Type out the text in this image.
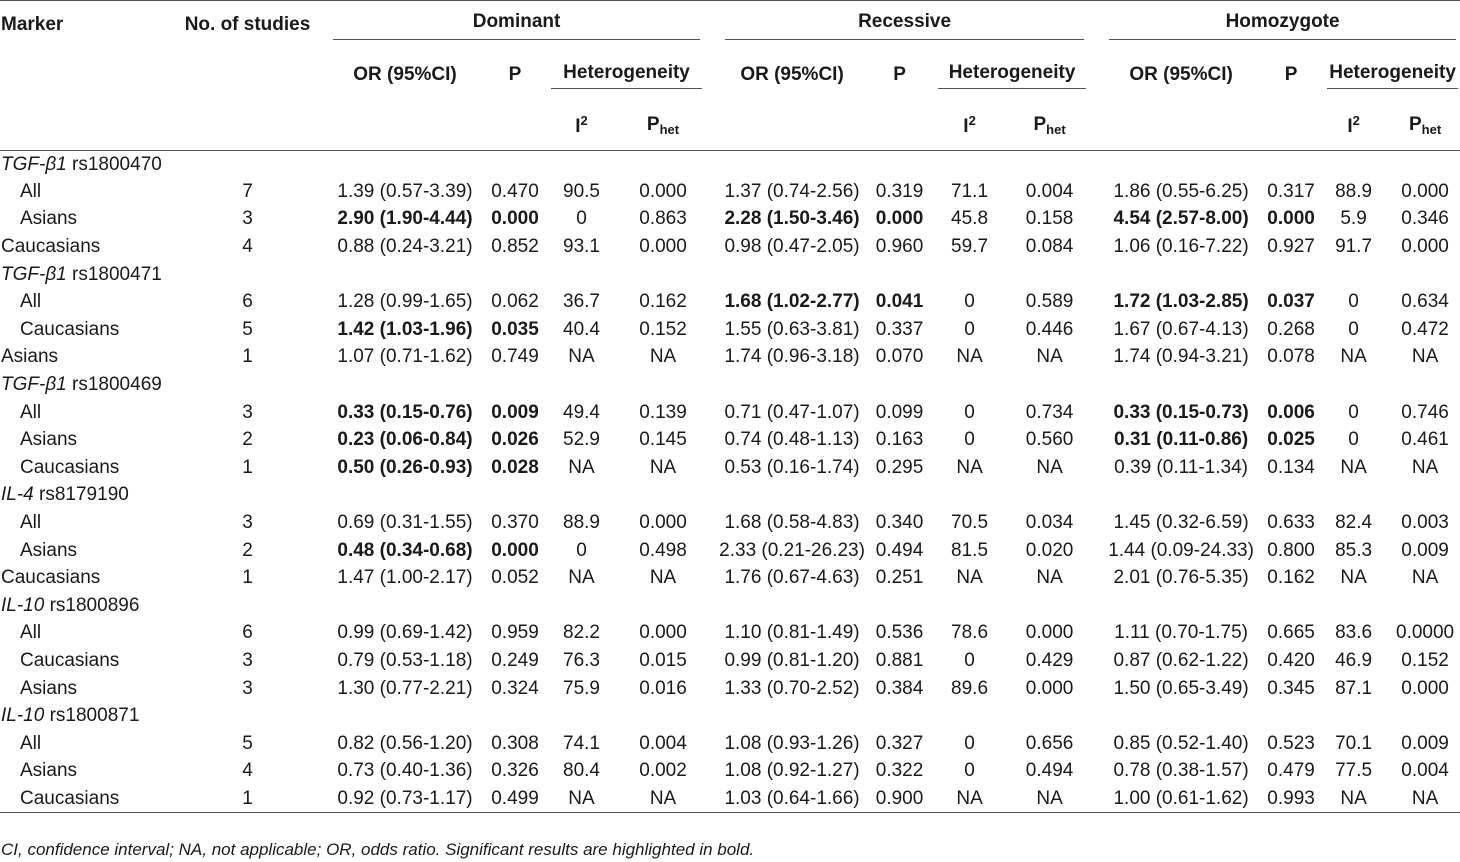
Marker	No. of studies	Dominant					Recessive					Homozygote			

		OR (95%CI)	P	Heterogeneity			OR (95%CI)	P	Heterogeneity			OR (95%CI)	P	Heterogeneity	

				$I^2$	$P_{het}$				$I^2$	$P_{het}$				$I^2$	$P_{het}$
TGF-β1 rs1800470															
All	7	1.39 (0.57-3.39)	0.470	90.5	0.000		1.37 (0.74-2.56)	0.319	71.1	0.004		1.86 (0.55-6.25)	0.317	88.9	0.000
Asians	3	2.90 (1.90-4.44)	0.000	0	0.863		2.28 (1.50-3.46)	0.000	45.8	0.158		4.54 (2.57-8.00)	0.000	5.9	0.346
Caucasians	4	0.88 (0.24-3.21)	0.852	93.1	0.000		0.98 (0.47-2.05)	0.960	59.7	0.084		1.06 (0.16-7.22)	0.927	91.7	0.000
TGF-β1 rs1800471															
All	6	1.28 (0.99-1.65)	0.062	36.7	0.162		1.68 (1.02-2.77)	0.041	0	0.589		1.72 (1.03-2.85)	0.037	0	0.634
Caucasians	5	1.42 (1.03-1.96)	0.035	40.4	0.152		1.55 (0.63-3.81)	0.337	0	0.446		1.67 (0.67-4.13)	0.268	0	0.472
Asians	1	1.07 (0.71-1.62)	0.749	NA	NA		1.74 (0.96-3.18)	0.070	NA	NA		1.74 (0.94-3.21)	0.078	NA	NA
TGF-β1 rs1800469															
All	3	0.33 (0.15-0.76)	0.009	49.4	0.139		0.71 (0.47-1.07)	0.099	0	0.734		0.33 (0.15-0.73)	0.006	0	0.746
Asians	2	0.23 (0.06-0.84)	0.026	52.9	0.145		0.74 (0.48-1.13)	0.163	0	0.560		0.31 (0.11-0.86)	0.025	0	0.461
Caucasians	1	0.50 (0.26-0.93)	0.028	NA	NA		0.53 (0.16-1.74)	0.295	NA	NA		0.39 (0.11-1.34)	0.134	NA	NA
IL-4 rs8179190															
All	3	0.69 (0.31-1.55)	0.370	88.9	0.000		1.68 (0.58-4.83)	0.340	70.5	0.034		1.45 (0.32-6.59)	0.633	82.4	0.003
Asians	2	0.48 (0.34-0.68)	0.000	0	0.498		2.33 (0.21-26.23)	0.494	81.5	0.020		1.44 (0.09-24.33)	0.800	85.3	0.009
Caucasians	1	1.47 (1.00-2.17)	0.052	NA	NA		1.76 (0.67-4.63)	0.251	NA	NA		2.01 (0.76-5.35)	0.162	NA	NA
IL-10 rs1800896															
All	6	0.99 (0.69-1.42)	0.959	82.2	0.000		1.10 (0.81-1.49)	0.536	78.6	0.000		1.11 (0.70-1.75)	0.665	83.6	0.0000
Caucasians	3	0.79 (0.53-1.18)	0.249	76.3	0.015		0.99 (0.81-1.20)	0.881	0	0.429		0.87 (0.62-1.22)	0.420	46.9	0.152
Asians	3	1.30 (0.77-2.21)	0.324	75.9	0.016		1.33 (0.70-2.52)	0.384	89.6	0.000		1.50 (0.65-3.49)	0.345	87.1	0.000
IL-10 rs1800871															
All	5	0.82 (0.56-1.20)	0.308	74.1	0.004		1.08 (0.93-1.26)	0.327	0	0.656		0.85 (0.52-1.40)	0.523	70.1	0.009
Asians	4	0.73 (0.40-1.36)	0.326	80.4	0.002		1.08 (0.92-1.27)	0.322	0	0.494		0.78 (0.38-1.57)	0.479	77.5	0.004
Caucasians	1	0.92 (0.73-1.17)	0.499	NA	NA		1.03 (0.64-1.66)	0.900	NA	NA		1.00 (0.61-1.62)	0.993	NA	NA
CI, confidence interval; NA, not applicable; OR, odds ratio. Significant results are highlighted in bold.
